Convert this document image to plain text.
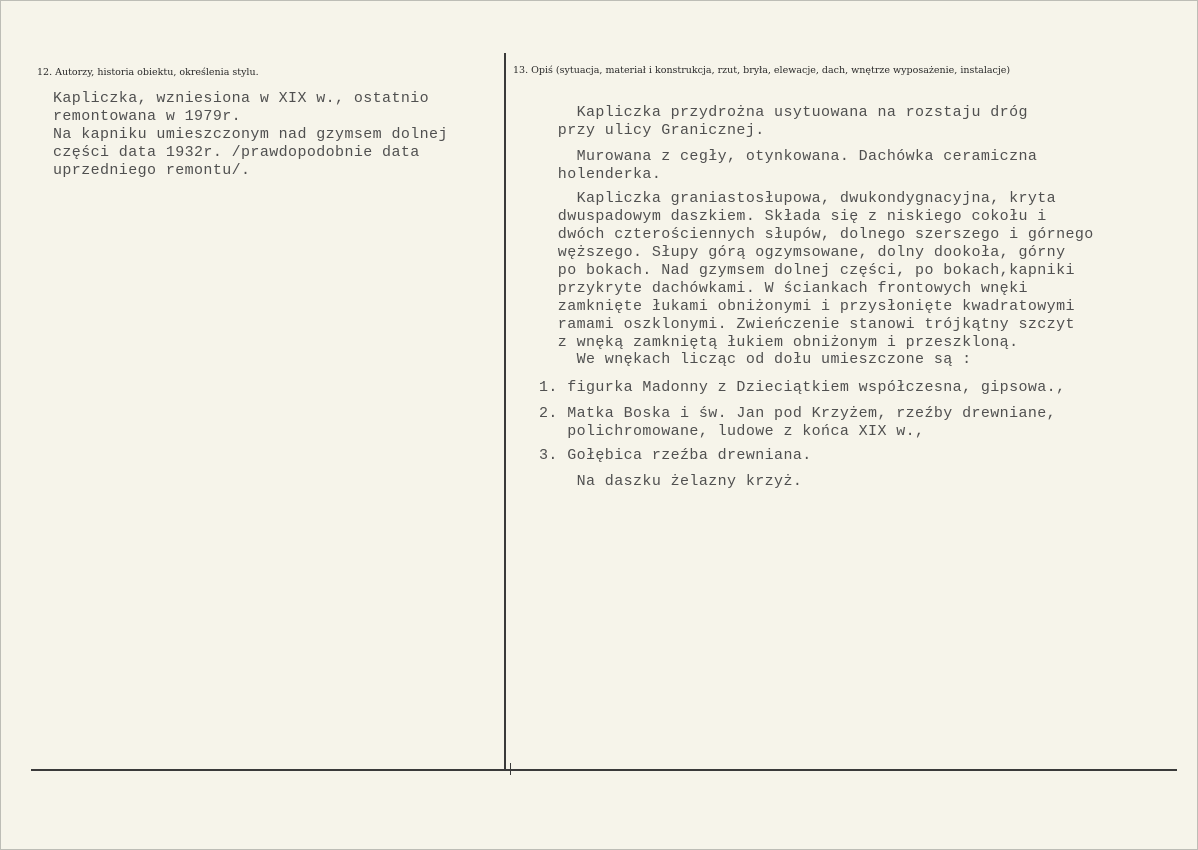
12. Autorzy, historia obiektu, określenia stylu.	13. Opiś (sytuacja, materiał i konstrukcja, rzut, bryła, elewacje, dach, wnętrze wyposażenie, instalacje)
Kapliczka, wzniesiona w XIX w., ostatnio
remontowana w 1979r.
Na kapniku umieszczonym nad gzymsem dolnej
części data 1932r. /prawdopodobnie data
uprzedniego remontu/.
Kapliczka przydrożna usytuowana na rozstaju dróg
przy ulicy Granicznej.
Murowana z cegły, otynkowana. Dachówka ceramiczna
holenderka.
Kapliczka graniastosłupowa, dwukondygnacyjna, kryta
dwuspadowym daszkiem. Składa się z niskiego cokołu i
dwóch czterościennych słupów, dolnego szerszego i górnego
węższego. Słupy górą ogzymsowane, dolny dookoła, górny
po bokach. Nad gzymsem dolnej części, po bokach,kapniki
przykryte dachówkami. W ściankach frontowych wnęki
zamknięte łukami obniżonymi i przysłonięte kwadratowymi
ramami oszklonymi. Zwieńczenie stanowi trójkątny szczyt
z wnęką zamkniętą łukiem obniżonym i przeszkloną.
We wnękach licząc od dołu umieszczone są :
1. figurka Madonny z Dzieciątkiem współczesna, gipsowa.,
2. Matka Boska i św. Jan pod Krzyżem, rzeźby drewniane,
polichromowane, ludowe z końca XIX w.,
3. Gołębica rzeźba drewniana.
Na daszku żelazny krzyż.
